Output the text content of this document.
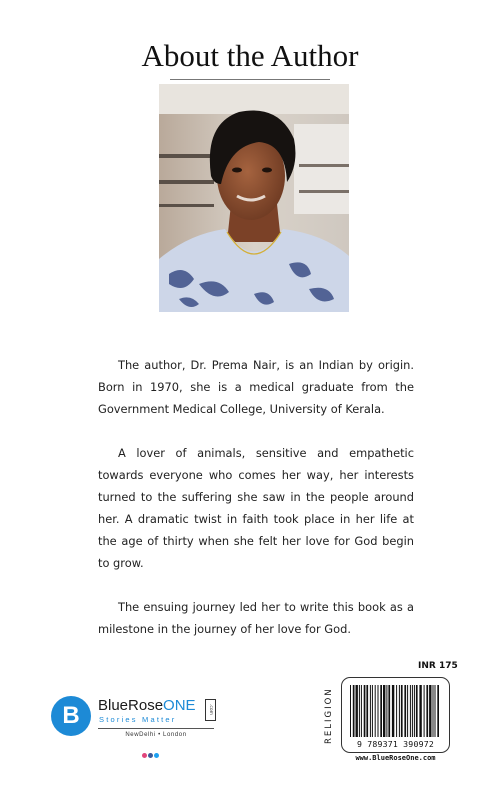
About the Author

The author, Dr. Prema Nair, is an Indian by origin. Born in 1970, she is a medical graduate from the Government Medical College, University of Kerala.

A lover of animals, sensitive and empathetic towards everyone who comes her way, her interests turned to the suffering she saw in the people around her. A dramatic twist in faith took place in her life at the age of thirty when she felt her love for God begin to grow.

The ensuing journey led her to write this book as a milestone in the journey of her love for God.

INR 175
RELIGION	9 789371 390972
www.BlueRoseOne.com
B	BlueRoseONE	.com
Stories Matter
NewDelhi • London
